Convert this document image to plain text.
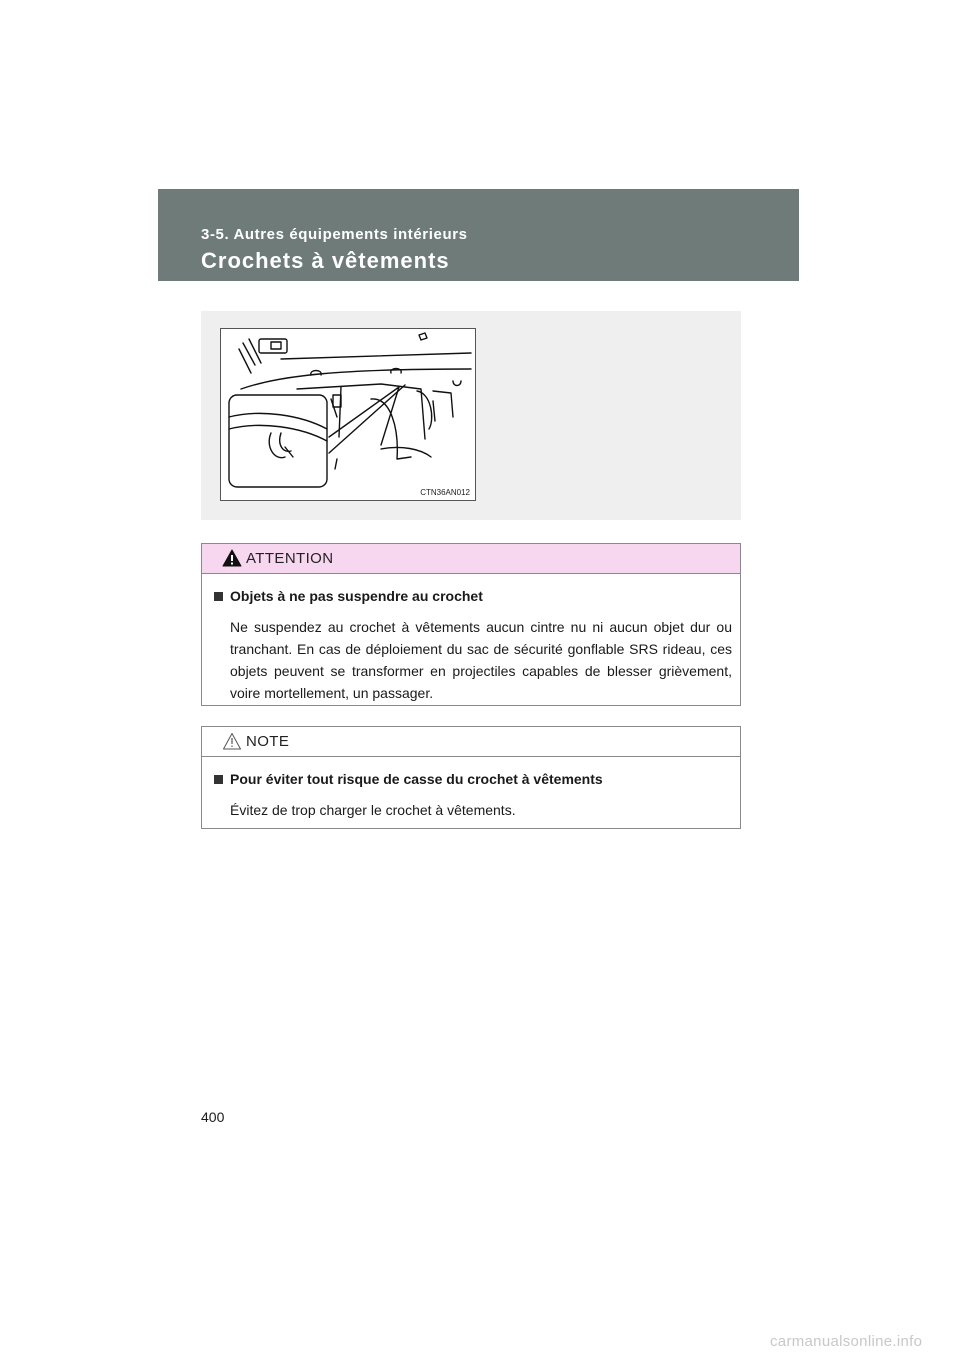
3-5. Autres équipements intérieurs
Crochets à vêtements
CTN36AN012
ATTENTION

Objets à ne pas suspendre au crochet

Ne suspendez au crochet à vêtements aucun cintre nu ni aucun objet dur ou tranchant. En cas de déploiement du sac de sécurité gonflable SRS rideau, ces objets peuvent se transformer en projectiles capables de blesser grièvement, voire mortellement, un passager.

NOTE

Pour éviter tout risque de casse du crochet à vêtements

Évitez de trop charger le crochet à vêtements.

400
carmanualsonline.info
